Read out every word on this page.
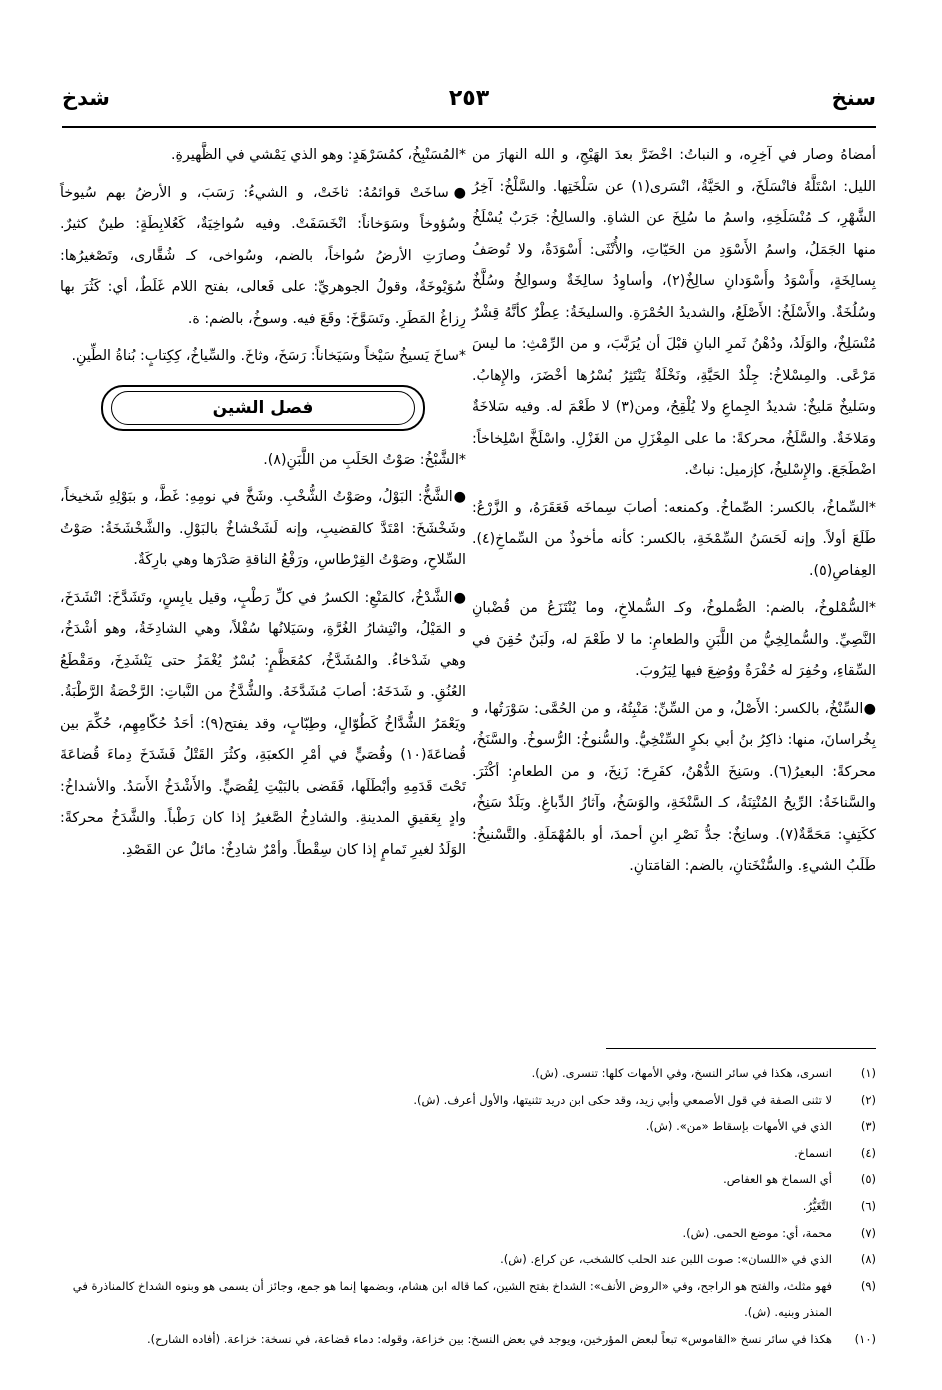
سنخ
٢٥٣
شدخ

أمضاهُ وصار في آخِرِه، و النباتُ: اخْضَرَّ بعدَ الهَيْجِ، و الله النهارَ من الليل: اسْتَلَّهُ فانْسَلَخَ، و الحَيَّةُ، انْسَرى(١) عن سَلْخَتِها. والسَّلْخُ: آخِرُ الشَّهْرِ، كـ مُنْسَلَخِهِ، واسمُ ما سُلِخَ عن الشاةِ. والسالِخُ: جَرَبٌ يُسْلَخُ منها الجَمَلُ، واسمُ الأَسْوَدِ من الحَيّاتِ، والأُنْثَى: أَسْوَدَةٌ، ولا تُوصَفُ بِسالِخَةٍ، وأَسْوَدُ وأَسْوَدانِ سالِخٌ(٢)، وأساوِدُ سالِخَةٌ وسوالِخُ وسُلَّخٌ وسُلُخَةٌ. والأَسْلَخُ: الأَصْلَعُ، والشديدُ الحُمْرَةِ. والسليخَةُ: عِطْرٌ كأنَّهُ قِشْرٌ مُنْسَلِخٌ، والوَلَدُ، ودُهْنُ ثَمرِ البانِ قبْلَ أن يُرَبَّبَ، و من الرِّمْثِ: ما ليسَ مَرْعًى. والمِسْلاخُ: جِلْدُ الحَيَّةِ، ونَخْلَةٌ يَنْتَثِرُ بُسْرُها أخْضَرَ، والإِهابُ. وسَليخٌ مَليخٌ: شديدُ الجِماعِ ولا يُلْقِحُ، ومن(٣) لا طَعْمَ له. وفيه سَلاخَةٌ ومَلاخَةٌ. والسَّلَخُ، محركةً: ما على المِغْزَلِ من الغَزْلِ. واسْلَخَّ اسْلِخاخاً: اضْطَجَعَ. والإِسْليخُ، كإزميل: نباتٌ.

*السِّماخُ، بالكسر: الصِّماخُ. وكمنعه: أصابَ سِماخَه فَعَقَرَهُ، و الزَّرْعُ: طَلَعَ أولاً. وإنه لَحَسَنُ السِّمْخَةِ، بالكسر: كأنه مأخوذٌ من السِّماخِ(٤). العِفاصِ(٥).

*السُّمْلوخُ، بالضم: الصُّملوخُ، وكـ السُّملاخِ، وما يُنْتَزَعُ من قُضْبانِ النَّصِيِّ. والسُّمالِخِيُّ من اللَّبَنِ والطعامِ: ما لا طَعْمَ له، ولَبَنٌ حُقِنَ في السِّقاءِ، وحُفِرَ له حُفْرَةٌ ووُضِعَ فيها لِيَرُوبَ.

●السِّنْخُ، بالكسر: الأَصْلُ، و من السِّنِّ: مَنْبِتُهُ، و من الحُمَّى: سَوْرَتُها، و بِخُراسانَ، منها: ذاكِرُ بنُ أبي بكرٍ السِّنْخِيُّ. والسُّنوخُ: الرُّسوخُ. والسَّنَخُ، محركةً: البعيرُ(٦). وسَنِخَ الدُّهْنُ، كفَرِحَ: زَنِخَ، و من الطعامِ: أكْثَرَ. والسَّناخَةُ: الرِّيحُ المُنْتِنَةُ، كـ السَّنْخَةِ، والوَسَخُ، وآثارُ الدِّباغِ. وبَلَدٌ سَنِخٌ، ككَتِفٍ: مَحَمَّةٌ(٧). وسانِخٌ: جدُّ نَصْرِ ابنِ أحمدَ، أو بالمُهْمَلَةِ. والتَّسْنيخُ: طَلَبُ الشيءِ. والسُّنْخَتانِ، بالضم: القامَتانِ.

*المُسَنْبِخُ، كمُسَرْهَدٍ: وهو الذي يَمْشي في الظَّهيرةِ.

●ساخَتْ قوائمُهُ: ثاخَتْ، و الشيءُ: رَسَبَ، و الأرضُ بهم سُيوخاً وسُؤوخاً وسَوَخاناً: انْخَسَفَتْ. وفيه سُواخِيَةٌ، كَعُلابِطَةٍ: طينٌ كثيرٌ. وصارَتِ الأرضُ سُواخاً، بالضم، وسُواخى، كـ شُقَّارى، وتَصْغيرُها: سُوَيْوخَةٌ، وقولُ الجوهريِّ: على فَعالى، بفتح اللام غَلَطٌ، أي: كَثُرَ بها رِزاغُ المَطَرِ. وتَسَوَّخَ: وقَعَ فيه. وسوخُ، بالضم: ة.

*ساخَ يَسيخُ سَيْخاً وسَيَخاناً: رَسَخَ، وثاخَ. والسِّياخُ، كِكِتابٍ: بُناةُ الطِّينِ.

فصل الشين

*الشَّبْخُ: صَوْتُ الحَلَبِ من اللَّبَنِ(٨).

●الشَّخُّ: البَوْلُ، وصَوْتُ الشُّخْبِ. وشَخَّ في نومِهِ: غَطَّ، و ببَوْلِهِ شَخيخاً، وشَخْشَخَ: امْتَدَّ كالقضيبِ، وإنه لَشَخْشاخٌ بالبَوْلِ. والشَّخْشَخَةُ: صَوْتُ السِّلاحِ، وصَوْتُ القِرْطاسِ، ورَفْعُ الناقةِ صَدْرَها وهي بارِكَةٌ.

●الشَّدْخُ، كالمَنْعِ: الكسرُ في كلِّ رَطْبٍ، وقيل يابِسٍ، وتَشَدَّخَ: انْشَدَخَ، و المَيْلُ، وانْتِشارُ الغُرَّةِ، وسَيَلانُها سُفْلاً، وهي الشادِخَةُ، وهو أشْدَخُ، وهي شَدْخاءُ. والمُشَدَّخُ، كمُعَظَّمٍ: بُسْرٌ يُغْمَزُ حتى يَنْشَدِخَ، ومَقْطَعُ العُنُقِ. و شَدَخَهُ: أصابَ مُشَدَّخَهُ. والشُّدَّخُ من النَّباتِ: الرَّخْصَةُ الرَّطْبَةُ. ويَعْمَرُ الشُّدَّاخُ كَطُوّالٍ، وطِبّابٍ، وقد يفتح(٩): أحَدُ حُكّامِهِم، حُكِّمَ بين قُضاعَةَ(١٠) وقُصَيٍّ في أمْرِ الكعبَةِ، وكثُرَ القَتْلُ فَشَدَخَ دِماءَ قُضاعَةَ تَحْتَ قَدَمِهِ وأبْطَلَها، فَقَضى بالبَيْتِ لِقُصَيٍّ. والأَشْدَخُ الأَسَدُ. والأشداخُ: وادٍ بِعَقيقِ المدينةِ. والشادِخُ الصَّغيرُ إذا كان رَطْباً. والشَّدَخُ محركةً: الوَلَدُ لغيرِ تَمامٍ إذا كان سِقْطاً. وأمْرٌ شادِخٌ: مائلٌ عن القَصْدِ.

(١)
انسرى، هكذا في سائر النسخ، وفي الأمهات كلها: تنسرى. (ش).
(٢)
لا تثنى الصفة في قول الأصمعي وأبي زيد، وقد حكى ابن دريد تثنيتها، والأول أعرف. (ش).
(٣)
الذي في الأمهات بإسقاط «من». (ش).
(٤)
انسماخ.
(٥)
أي السماخ هو العفاص.
(٦)
التَّغَيُّرُ.
(٧)
محمة، أي: موضع الحمى. (ش).
(٨)
الذي في «اللسان»: صوت اللبن عند الحلب كالشخب، عن كراع. (ش).
(٩)
فهو مثلث، والفتح هو الراجح، وفي «الروض الأنف»: الشداخ بفتح الشين، كما قاله ابن هشام، وبضمها إنما هو جمع، وجائز أن يسمى هو وبنوه الشداخ كالمناذرة في المنذر وبنيه. (ش).
(١٠)
هكذا في سائر نسخ «القاموس» تبعاً لبعض المؤرخين، ويوجد في بعض النسخ: بين خزاعة، وقوله: دماء قضاعة، في نسخة: خزاعة. (أفاده الشارح).
